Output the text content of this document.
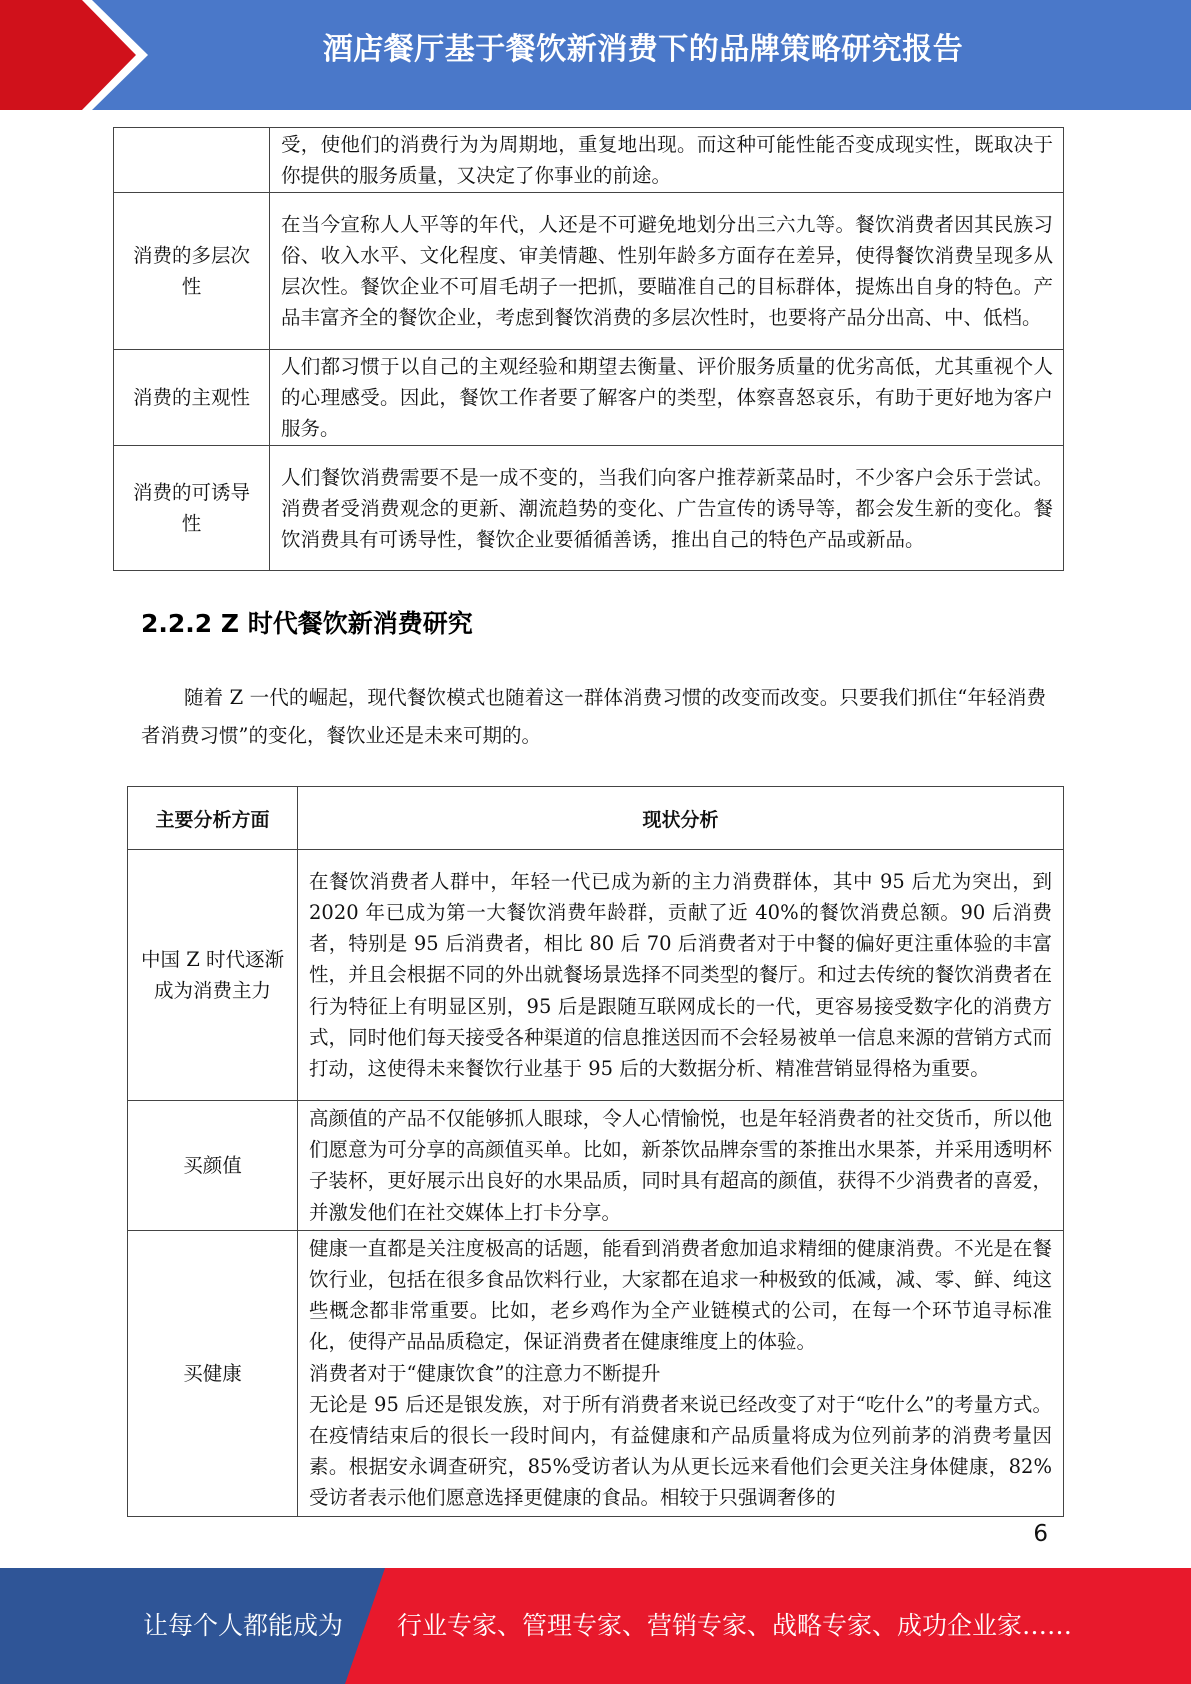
酒店餐厅基于餐饮新消费下的品牌策略研究报告
	受，使他们的消费行为为周期地，重复地出现。而这种可能性能否变成现实性，既取决于你提供的服务质量，又决定了你事业的前途。
消费的多层次性	在当今宣称人人平等的年代，人还是不可避免地划分出三六九等。餐饮消费者因其民族习俗、收入水平、文化程度、审美情趣、性别年龄多方面存在差异，使得餐饮消费呈现多从层次性。餐饮企业不可眉毛胡子一把抓，要瞄准自己的目标群体，提炼出自身的特色。产品丰富齐全的餐饮企业，考虑到餐饮消费的多层次性时，也要将产品分出高、中、低档。
消费的主观性	人们都习惯于以自己的主观经验和期望去衡量、评价服务质量的优劣高低，尤其重视个人的心理感受。因此，餐饮工作者要了解客户的类型，体察喜怒哀乐，有助于更好地为客户服务。
消费的可诱导性	人们餐饮消费需要不是一成不变的，当我们向客户推荐新菜品时，不少客户会乐于尝试。消费者受消费观念的更新、潮流趋势的变化、广告宣传的诱导等，都会发生新的变化。餐饮消费具有可诱导性，餐饮企业要循循善诱，推出自己的特色产品或新品。
2.2.2 Z 时代餐饮新消费研究

随着 Z 一代的崛起，现代餐饮模式也随着这一群体消费习惯的改变而改变。只要我们抓住“年轻消费者消费习惯”的变化，餐饮业还是未来可期的。

主要分析方面	现状分析
中国 Z 时代逐渐成为消费主力	在餐饮消费者人群中，年轻一代已成为新的主力消费群体，其中 95 后尤为突出，到 2020 年已成为第一大餐饮消费年龄群，贡献了近 40%的餐饮消费总额。90 后消费者，特别是 95 后消费者，相比 80 后 70 后消费者对于中餐的偏好更注重体验的丰富性，并且会根据不同的外出就餐场景选择不同类型的餐厅。和过去传统的餐饮消费者在行为特征上有明显区别，95 后是跟随互联网成长的一代，更容易接受数字化的消费方式，同时他们每天接受各种渠道的信息推送因而不会轻易被单一信息来源的营销方式而打动，这使得未来餐饮行业基于 95 后的大数据分析、精准营销显得格为重要。
买颜值	高颜值的产品不仅能够抓人眼球，令人心情愉悦，也是年轻消费者的社交货币，所以他们愿意为可分享的高颜值买单。比如，新茶饮品牌奈雪的茶推出水果茶，并采用透明杯子装杯，更好展示出良好的水果品质，同时具有超高的颜值，获得不少消费者的喜爱，并激发他们在社交媒体上打卡分享。
买健康	健康一直都是关注度极高的话题，能看到消费者愈加追求精细的健康消费。不光是在餐饮行业，包括在很多食品饮料行业，大家都在追求一种极致的低减，减、零、鲜、纯这些概念都非常重要。比如，老乡鸡作为全产业链模式的公司，在每一个环节追寻标准化，使得产品品质稳定，保证消费者在健康维度上的体验。
消费者对于“健康饮食”的注意力不断提升
无论是 95 后还是银发族，对于所有消费者来说已经改变了对于“吃什么”的考量方式。在疫情结束后的很长一段时间内，有益健康和产品质量将成为位列前茅的消费考量因素。根据安永调查研究，85%受访者认为从更长远来看他们会更关注身体健康，82%受访者表示他们愿意选择更健康的食品。相较于只强调奢侈的
6
让每个人都能成为 行业专家、管理专家、营销专家、战略专家、成功企业家……
